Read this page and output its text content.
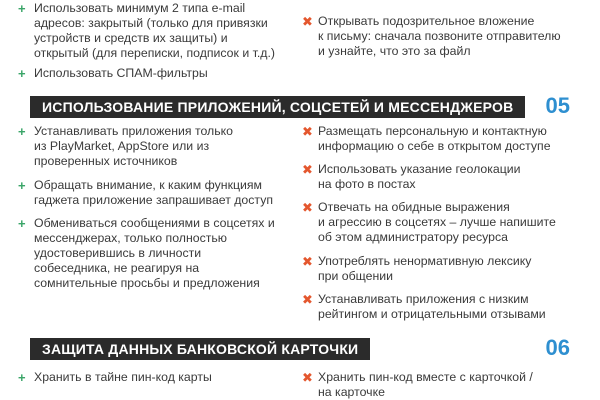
+ Использовать минимум 2 типа e-mail
адресов: закрытый (только для привязки
устройств и средств их защиты) и
открытый (для переписки, подписок и т.д.)
+ Использовать СПАМ-фильтры
✖ Открывать подозрительное вложение
к письму: сначала позвоните отправителю
и узнайте, что это за файл
ИСПОЛЬЗОВАНИЕ ПРИЛОЖЕНИЙ, СОЦСЕТЕЙ И МЕССЕНДЖЕРОВ	05
+ Устанавливать приложения только
из PlayMarket, AppStore или из
проверенных источников
+ Обращать внимание, к каким функциям
гаджета приложение запрашивает доступ
+ Обмениваться сообщениями в соцсетях и
мессенджерах, только полностью
удостоверившись в личности
собеседника, не реагируя на
сомнительные просьбы и предложения
✖ Размещать персональную и контактную
информацию о себе в открытом доступе
✖ Использовать указание геолокации
на фото в постах
✖ Отвечать на обидные выражения
и агрессию в соцсетях – лучше напишите
об этом администратору ресурса
✖ Употреблять ненормативную лексику
при общении
✖ Устанавливать приложения с низким
рейтингом и отрицательными отзывами
ЗАЩИТА ДАННЫХ БАНКОВСКОЙ КАРТОЧКИ	06
+ Хранить в тайне пин-код карты	✖ Хранить пин-код вместе с карточкой /
на карточке
